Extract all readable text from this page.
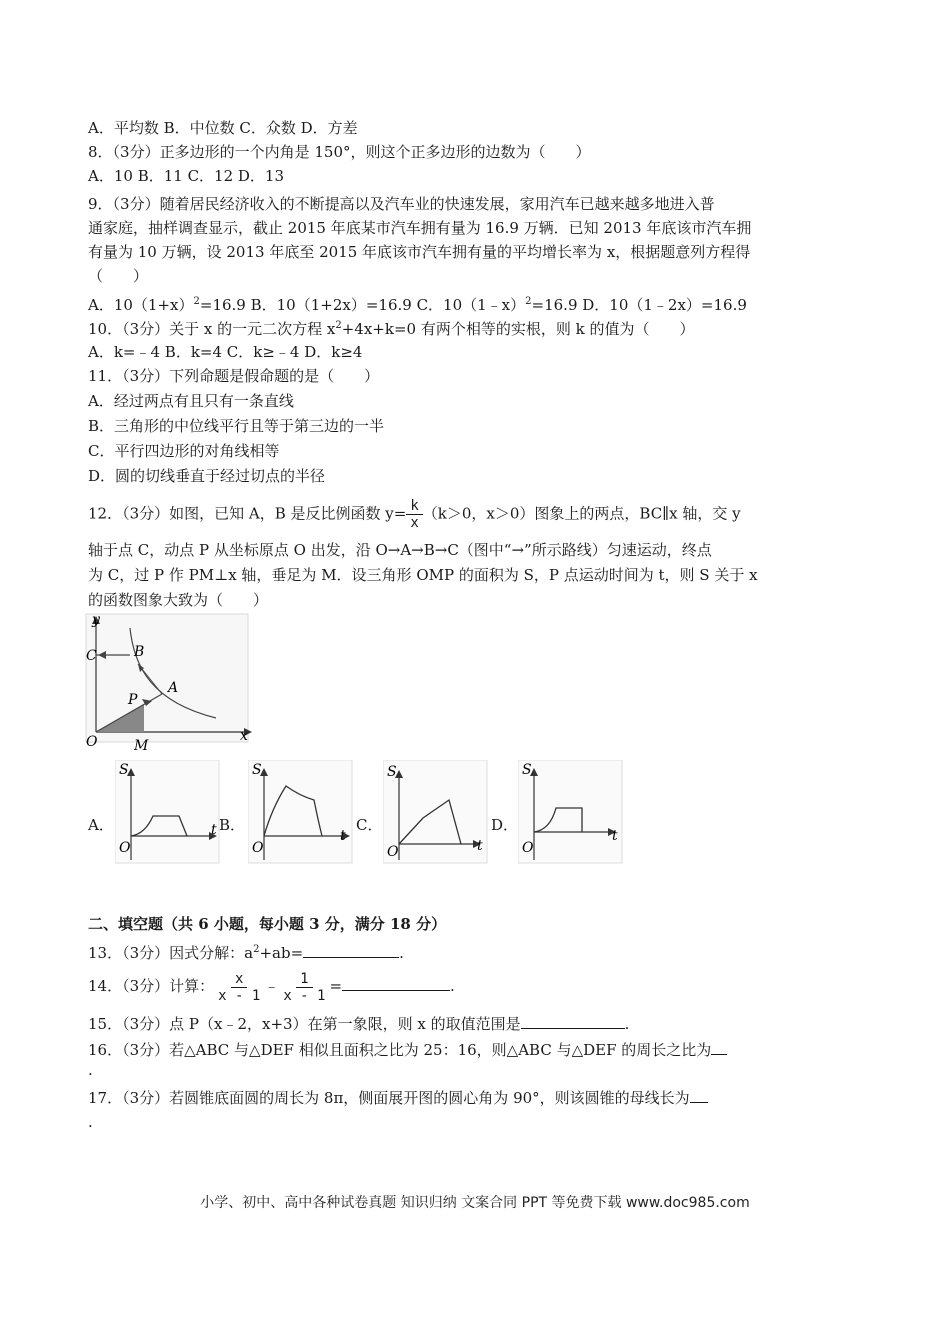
A．平均数 B．中位数 C．众数 D．方差
8．（3分）正多边形的一个内角是 150°，则这个正多边形的边数为（　　）
A．10 B．11 C．12 D．13
9．（3分）随着居民经济收入的不断提高以及汽车业的快速发展，家用汽车已越来越多地进入普
通家庭，抽样调查显示，截止 2015 年底某市汽车拥有量为 16.9 万辆．已知 2013 年底该市汽车拥
有量为 10 万辆，设 2013 年底至 2015 年底该市汽车拥有量的平均增长率为 x，根据题意列方程得
（　　）
A．$10(1+x)^2=16.9$ B．10（1+2x）=16.9 C．10（1﹣x）$^2$=16.9 D．10（1﹣2x）=16.9
10．（3分）关于 x 的一元二次方程 $x^2+4x+k=0$ 有两个相等的实根，则 k 的值为（　　）
A．k=﹣4 B．k=4 C．k≥﹣4 D．k≥4
11．（3分）下列命题是假命题的是（　　）
A．经过两点有且只有一条直线
B．三角形的中位线平行且等于第三边的一半
C．平行四边形的对角线相等
D．圆的切线垂直于经过切点的半径
12．（3分）如图，已知 A，B 是反比例函数 $y= \frac{k}{x} (k>0$，x＞0）图象上的两点，BC∥x 轴，交 y
轴于点 C，动点 P 从坐标原点 O 出发，沿 O→A→B→C（图中“→”所示路线）匀速运动，终点
为 C，过 P 作 PM⊥x 轴，垂足为 M．设三角形 OMP 的面积为 S，P 点运动时间为 t，则 S 关于 x
的函数图象大致为（　　）
y
x
O
C	B
P
A
M
A．	B．	C．	D．
S
t
O
S
t
O
S
t
O
S
t
O
二、填空题（共 6 小题，每小题 3 分，满分 18 分）
13．（3分）因式分解：$a^2+ab=$	.
14．（3分）计算： $\frac{x}{x - 1}$ ﹣ $\frac{1}{x - 1}$ =	.
15．（3分）点 P（x﹣2，x+3）在第一象限，则 x 的取值范围是	.
16．（3分）若△ABC 与△DEF 相似且面积之比为 25：16，则△ABC 与△DEF 的周长之比为
.
17．（3分）若圆锥底面圆的周长为 8π，侧面展开图的圆心角为 90°，则该圆锥的母线长为
.
小学、初中、高中各种试卷真题 知识归纳 文案合同 PPT 等免费下载 www.doc985.com
